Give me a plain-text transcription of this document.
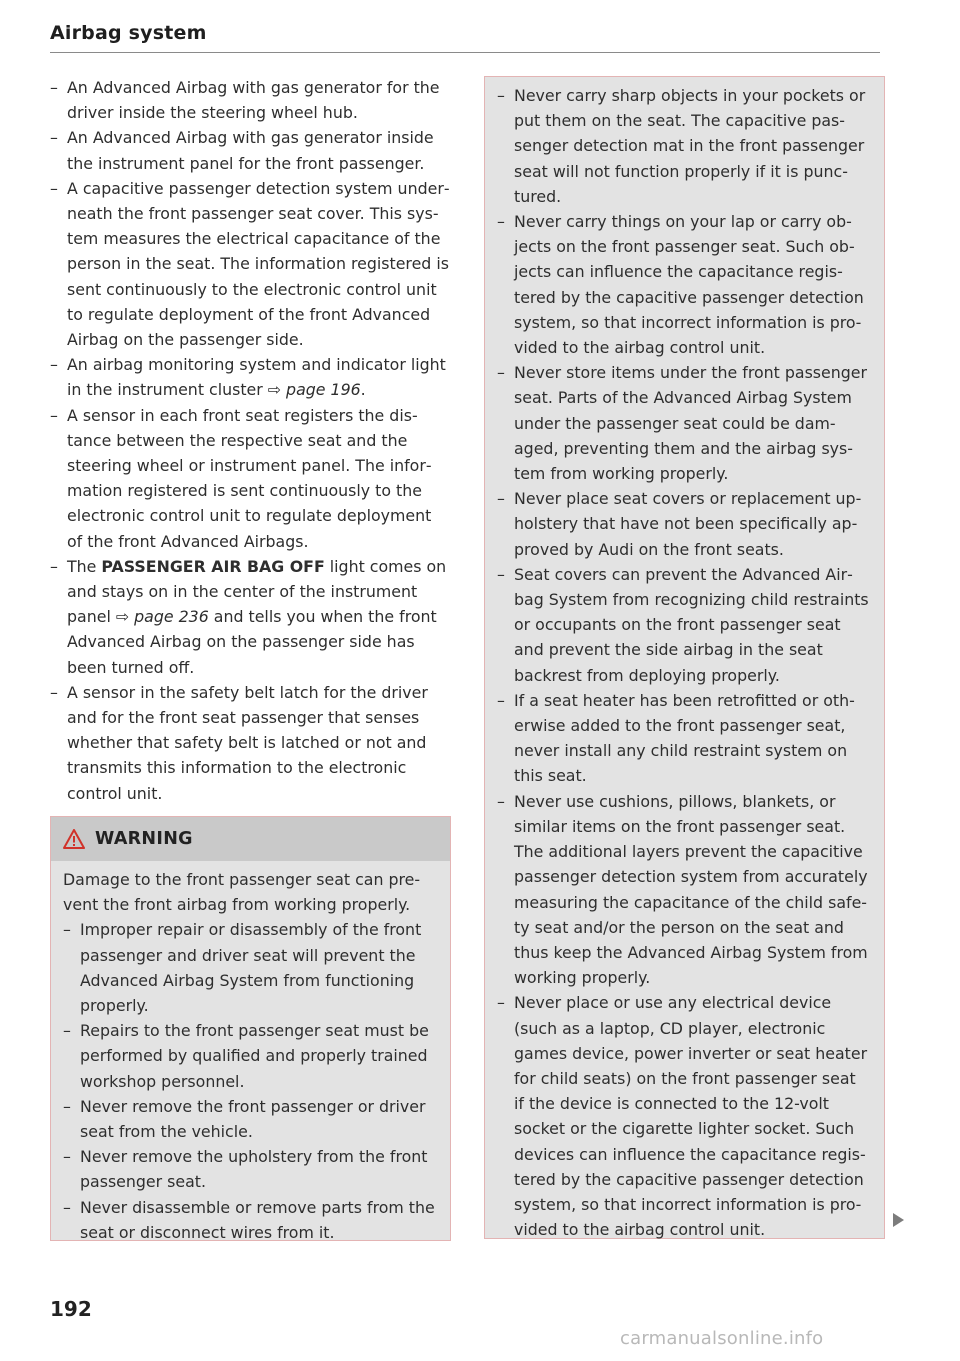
Airbag system
– An Advanced Airbag with gas generator for the driver inside the steering wheel hub.
– An Advanced Airbag with gas generator inside the instrument panel for the front passenger.
– A capacitive passenger detection system underneath the front passenger seat cover. This system measures the electrical capacitance of the person in the seat. The information registered is sent continuously to the electronic control unit to regulate deployment of the front Advanced Airbag on the passenger side.
– An airbag monitoring system and indicator light in the instrument cluster ⇨ page 196.
– A sensor in each front seat registers the distance between the respective seat and the steering wheel or instrument panel. The information registered is sent continuously to the electronic control unit to regulate deployment of the front Advanced Airbags.
– The PASSENGER AIR BAG OFF light comes on and stays on in the center of the instrument panel ⇨ page 236 and tells you when the front Advanced Airbag on the passenger side has been turned off.
– A sensor in the safety belt latch for the driver and for the front seat passenger that senses whether that safety belt is latched or not and transmits this information to the electronic control unit.
WARNING

Damage to the front passenger seat can prevent the front airbag from working properly.

– Improper repair or disassembly of the front passenger and driver seat will prevent the Advanced Airbag System from functioning properly.
– Repairs to the front passenger seat must be performed by qualified and properly trained workshop personnel.
– Never remove the front passenger or driver seat from the vehicle.
– Never remove the upholstery from the front passenger seat.
– Never disassemble or remove parts from the seat or disconnect wires from it.
– Never carry sharp objects in your pockets or put them on the seat. The capacitive passenger detection mat in the front passenger seat will not function properly if it is punctured.
– Never carry things on your lap or carry objects on the front passenger seat. Such objects can influence the capacitance registered by the capacitive passenger detection system, so that incorrect information is provided to the airbag control unit.
– Never store items under the front passenger seat. Parts of the Advanced Airbag System under the passenger seat could be damaged, preventing them and the airbag system from working properly.
– Never place seat covers or replacement upholstery that have not been specifically approved by Audi on the front seats.
– Seat covers can prevent the Advanced Airbag System from recognizing child restraints or occupants on the front passenger seat and prevent the side airbag in the seat backrest from deploying properly.
– If a seat heater has been retrofitted or otherwise added to the front passenger seat, never install any child restraint system on this seat.
– Never use cushions, pillows, blankets, or similar items on the front passenger seat. The additional layers prevent the capacitive passenger detection system from accurately measuring the capacitance of the child safety seat and/or the person on the seat and thus keep the Advanced Airbag System from working properly.
– Never place or use any electrical device (such as a laptop, CD player, electronic games device, power inverter or seat heater for child seats) on the front passenger seat if the device is connected to the 12-volt socket or the cigarette lighter socket. Such devices can influence the capacitance registered by the capacitive passenger detection system, so that incorrect information is provided to the airbag control unit.
192
carmanualsonline.info
